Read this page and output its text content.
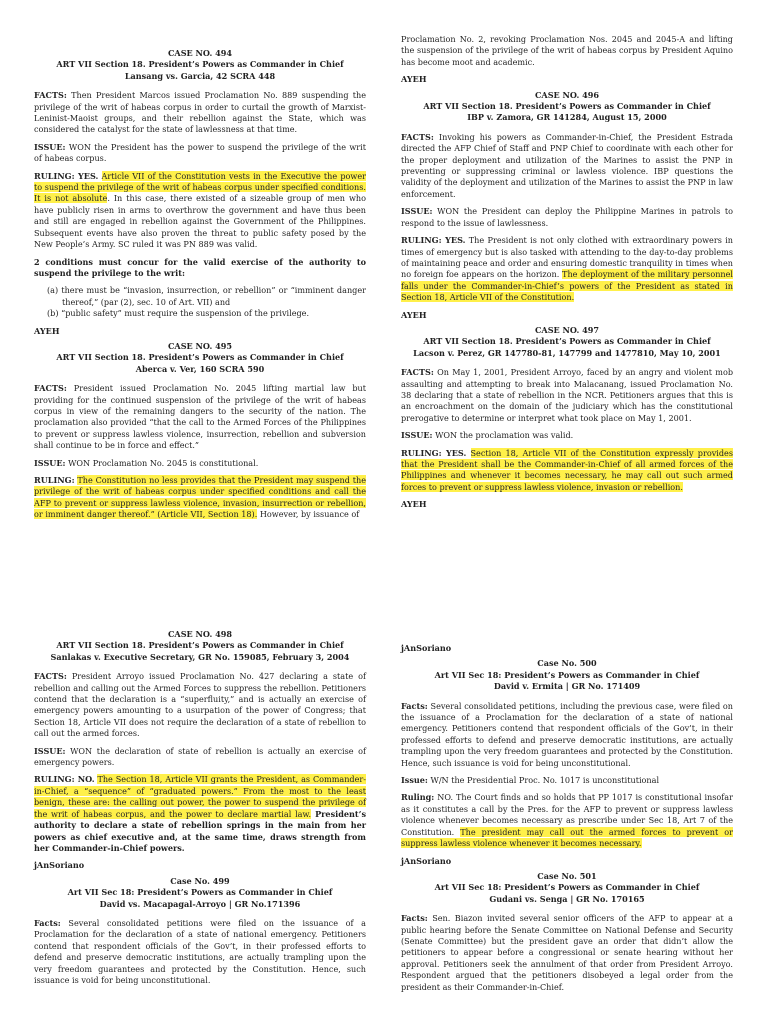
CASE NO. 494
ART VII Section 18. President’s Powers as Commander in Chief
Lansang vs. Garcia, 42 SCRA 448

FACTS: Then President Marcos issued Proclamation No. 889 suspending the privilege of the writ of habeas corpus in order to curtail the growth of Marxist-Leninist-Maoist groups, and their rebellion against the State, which was considered the catalyst for the state of lawlessness at that time.

ISSUE: WON the President has the power to suspend the privilege of the writ of habeas corpus.

RULING: YES. Article VII of the Constitution vests in the Executive the power to suspend the privilege of the writ of habeas corpus under specified conditions. It is not absolute. In this case, there existed of a sizeable group of men who have publicly risen in arms to overthrow the government and have thus been and still are engaged in rebellion against the Government of the Philippines. Subsequent events have also proven the threat to public safety posed by the New People’s Army. SC ruled it was PN 889 was valid.

2 conditions must concur for the valid exercise of the authority to suspend the privilege to the writ:

(a) there must be “invasion, insurrection, or rebellion” or “imminent danger thereof,” (par (2), sec. 10 of Art. VII) and
(b) “public safety” must require the suspension of the privilege.
AYEH
CASE NO. 495
ART VII Section 18. President’s Powers as Commander in Chief
Aberca v. Ver, 160 SCRA 590

FACTS: President issued Proclamation No. 2045 lifting martial law but providing for the continued suspension of the privilege of the writ of habeas corpus in view of the remaining dangers to the security of the nation. The proclamation also provided “that the call to the Armed Forces of the Philippines to prevent or suppress lawless violence, insurrection, rebellion and subversion shall continue to be in force and effect.”

ISSUE: WON Proclamation No. 2045 is constitutional.

RULING: The Constitution no less provides that the President may suspend the privilege of the writ of habeas corpus under specified conditions and call the AFP to prevent or suppress lawless violence, invasion, insurrection or rebellion, or imminent danger thereof.” (Article VII, Section 18). However, by issuance of

Proclamation No. 2, revoking Proclamation Nos. 2045 and 2045-A and lifting the suspension of the privilege of the writ of habeas corpus by President Aquino has become moot and academic.

AYEH
CASE NO. 496
ART VII Section 18. President’s Powers as Commander in Chief
IBP v. Zamora, GR 141284, August 15, 2000

FACTS: Invoking his powers as Commander-in-Chief, the President Estrada directed the AFP Chief of Staff and PNP Chief to coordinate with each other for the proper deployment and utilization of the Marines to assist the PNP in preventing or suppressing criminal or lawless violence. IBP questions the validity of the deployment and utilization of the Marines to assist the PNP in law enforcement.

ISSUE: WON the President can deploy the Philippine Marines in patrols to respond to the issue of lawlessness.

RULING: YES. The President is not only clothed with extraordinary powers in times of emergency but is also tasked with attending to the day-to-day problems of maintaining peace and order and ensuring domestic tranquility in times when no foreign foe appears on the horizon. The deployment of the military personnel falls under the Commander-in-Chief’s powers of the President as stated in Section 18, Article VII of the Constitution.

AYEH
CASE NO. 497
ART VII Section 18. President’s Powers as Commander in Chief
Lacson v. Perez, GR 147780-81, 147799 and 1477810, May 10, 2001

FACTS: On May 1, 2001, President Arroyo, faced by an angry and violent mob assaulting and attempting to break into Malacanang, issued Proclamation No. 38 declaring that a state of rebellion in the NCR. Petitioners argues that this is an encroachment on the domain of the judiciary which has the constitutional prerogative to determine or interpret what took place on May 1, 2001.

ISSUE: WON the proclamation was valid.

RULING: YES. Section 18, Article VII of the Constitution expressly provides that the President shall be the Commander-in-Chief of all armed forces of the Philippines and whenever it becomes necessary, he may call out such armed forces to prevent or suppress lawless violence, invasion or rebellion.

AYEH
CASE NO. 498
ART VII Section 18. President’s Powers as Commander in Chief
Sanlakas v. Executive Secretary, GR No. 159085, February 3, 2004

FACTS: President Arroyo issued Proclamation No. 427 declaring a state of rebellion and calling out the Armed Forces to suppress the rebellion. Petitioners contend that the declaration is a “superfluity,” and is actually an exercise of emergency powers amounting to a usurpation of the power of Congress; that Section 18, Article VII does not require the declaration of a state of rebellion to call out the armed forces.

ISSUE: WON the declaration of state of rebellion is actually an exercise of emergency powers.

RULING: NO. The Section 18, Article VII grants the President, as Commander-in-Chief, a “sequence” of “graduated powers.” From the most to the least benign, these are: the calling out power, the power to suspend the privilege of the writ of habeas corpus, and the power to declare martial law. President’s authority to declare a state of rebellion springs in the main from her powers as chief executive and, at the same time, draws strength from her Commander-in-Chief powers.

jAnSoriano
Case No. 499
Art VII Sec 18: President’s Powers as Commander in Chief
David vs. Macapagal-Arroyo | GR No.171396

Facts: Several consolidated petitions were filed on the issuance of a Proclamation for the declaration of a state of national emergency. Petitioners contend that respondent officials of the Gov’t, in their professed efforts to defend and preserve democratic institutions, are actually trampling upon the very freedom guarantees and protected by the Constitution. Hence, such issuance is void for being unconstitutional.

jAnSoriano
Case No. 500
Art VII Sec 18: President’s Powers as Commander in Chief
David v. Ermita | GR No. 171409

Facts: Several consolidated petitions, including the previous case, were filed on the issuance of a Proclamation for the declaration of a state of national emergency. Petitioners contend that respondent officials of the Gov’t, in their professed efforts to defend and preserve democratic institutions, are actually trampling upon the very freedom guarantees and protected by the Constitution. Hence, such issuance is void for being unconstitutional.

Issue: W/N the Presidential Proc. No. 1017 is unconstitutional

Ruling: NO. The Court finds and so holds that PP 1017 is constitutional insofar as it constitutes a call by the Pres. for the AFP to prevent or suppress lawless violence whenever becomes necessary as prescribe under Sec 18, Art 7 of the Constitution. The president may call out the armed forces to prevent or suppress lawless violence whenever it becomes necessary.

jAnSoriano
Case No. 501
Art VII Sec 18: President’s Powers as Commander in Chief
Gudani vs. Senga | GR No. 170165

Facts: Sen. Biazon invited several senior officers of the AFP to appear at a public hearing before the Senate Committee on National Defense and Security (Senate Committee) but the president gave an order that didn’t allow the petitioners to appear before a congressional or senate hearing without her approval. Petitioners seek the annulment of that order from President Arroyo. Respondent argued that the petitioners disobeyed a legal order from the president as their Commander-in-Chief.
